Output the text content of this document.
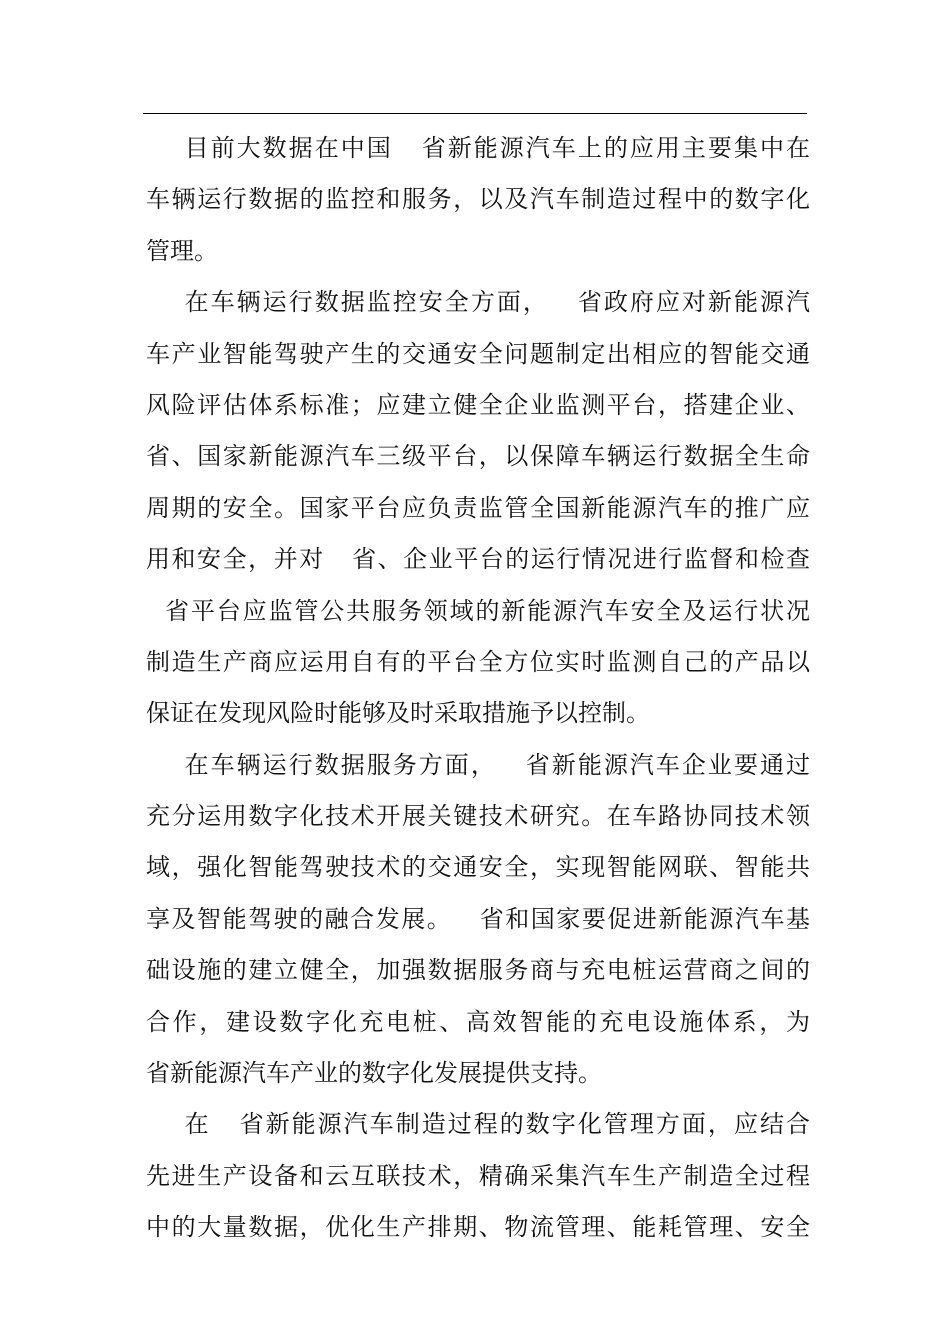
目前大数据在中国   省新能源汽车上的应用主要集中在
车辆运行数据的监控和服务，以及汽车制造过程中的数字化
管理。
在车辆运行数据监控安全方面，   省政府应对新能源汽
车产业智能驾驶产生的交通安全问题制定出相应的智能交通
风险评估体系标准；应建立健全企业监测平台，搭建企业、
省、国家新能源汽车三级平台，以保障车辆运行数据全生命
周期的安全。国家平台应负责监管全国新能源汽车的推广应
用和安全，并对   省、企业平台的运行情况进行监督和检查
省平台应监管公共服务领域的新能源汽车安全及运行状况
制造生产商应运用自有的平台全方位实时监测自己的产品以
保证在发现风险时能够及时采取措施予以控制。
在车辆运行数据服务方面，   省新能源汽车企业要通过
充分运用数字化技术开展关键技术研究。在车路协同技术领
域，强化智能驾驶技术的交通安全，实现智能网联、智能共
享及智能驾驶的融合发展。   省和国家要促进新能源汽车基
础设施的建立健全，加强数据服务商与充电桩运营商之间的
合作，建设数字化充电桩、高效智能的充电设施体系，为
省新能源汽车产业的数字化发展提供支持。
在   省新能源汽车制造过程的数字化管理方面，应结合
先进生产设备和云互联技术，精确采集汽车生产制造全过程
中的大量数据，优化生产排期、物流管理、能耗管理、安全
